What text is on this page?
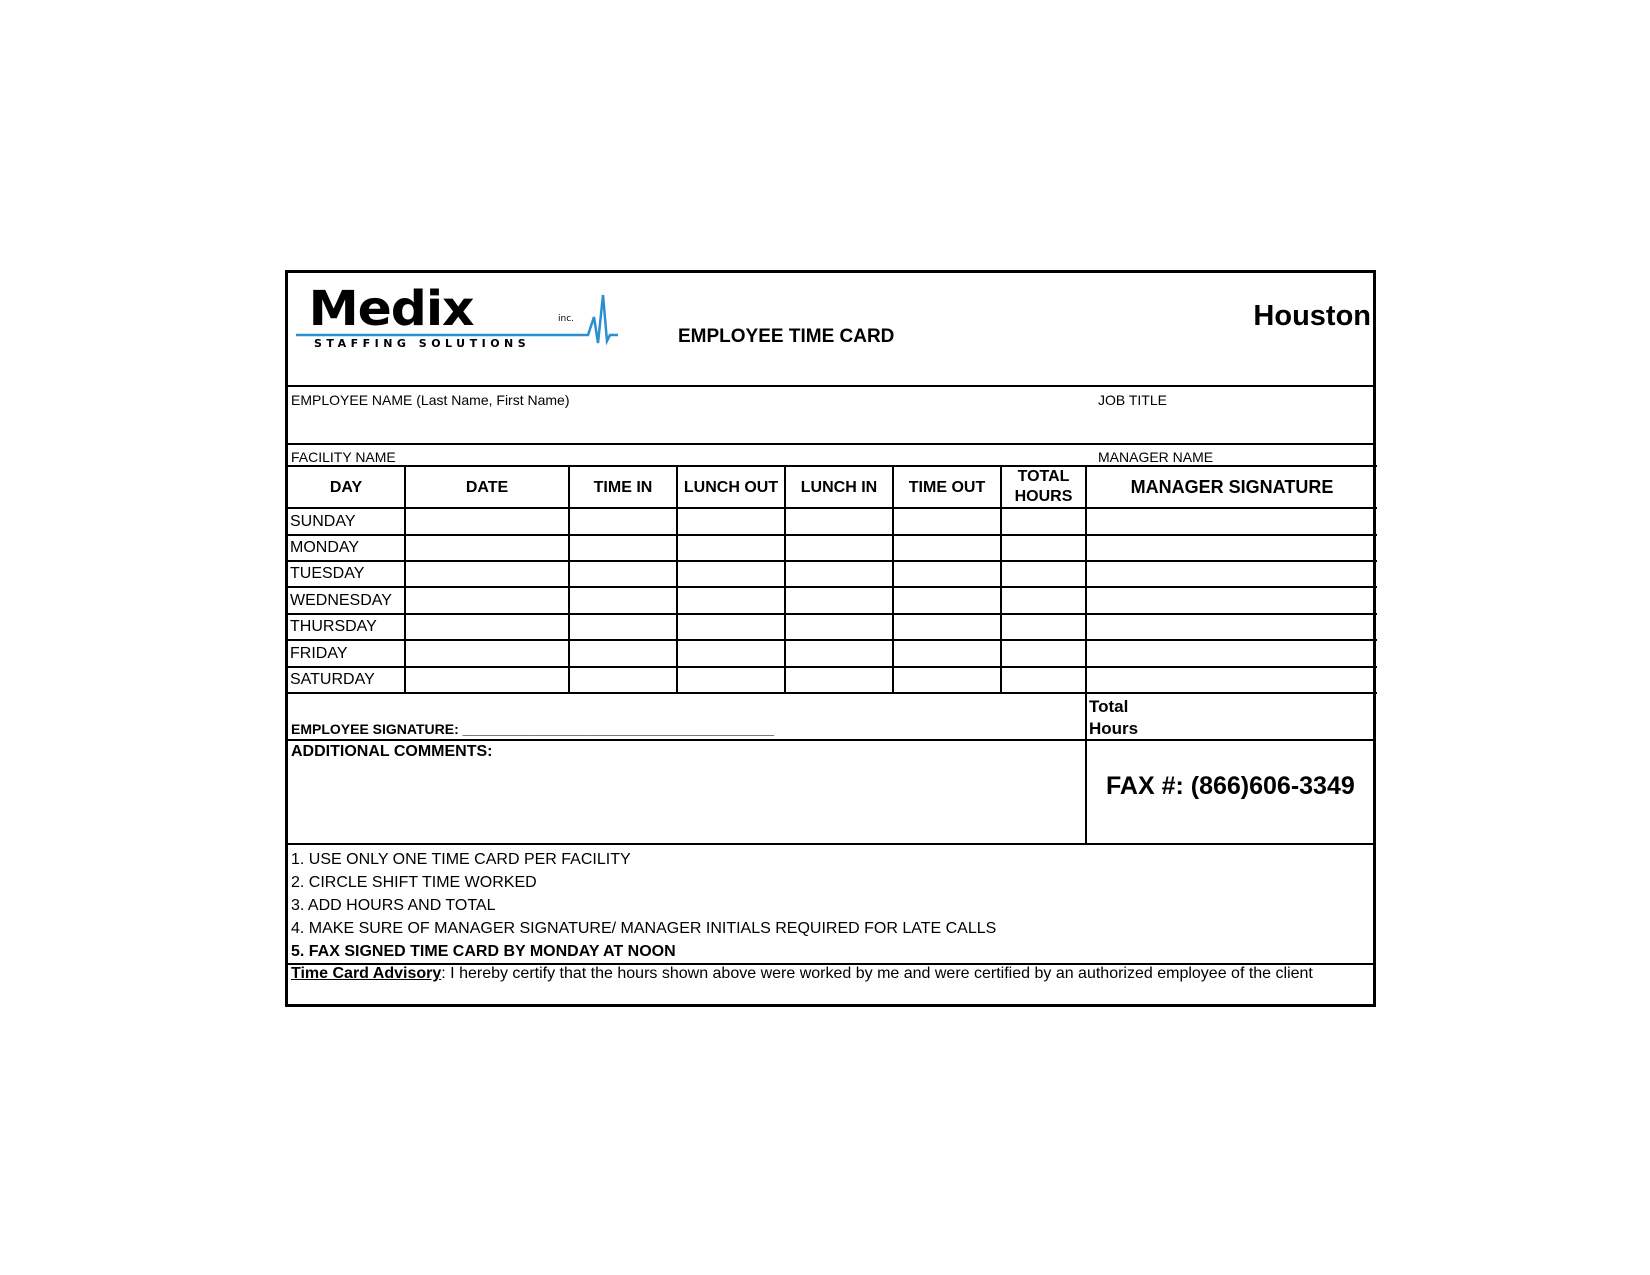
Medix	inc.
STAFFING SOLUTIONS	EMPLOYEE TIME CARD
Houston
EMPLOYEE NAME (Last Name, First Name)	JOB TITLE
FACILITY NAME	MANAGER NAME
DAY	DATE	TIME IN	LUNCH OUT	LUNCH IN	TIME OUT	TOTAL HOURS	MANAGER SIGNATURE
SUNDAY							
MONDAY							
TUESDAY							
WEDNESDAY							
THURSDAY							
FRIDAY							
SATURDAY							
EMPLOYEE SIGNATURE: ________________________________________
Total
Hours
ADDITIONAL COMMENTS:
FAX #: (866)606-3349
1. USE ONLY ONE TIME CARD PER FACILITY
2. CIRCLE SHIFT TIME WORKED
3. ADD HOURS AND TOTAL
4. MAKE SURE OF MANAGER SIGNATURE/ MANAGER INITIALS REQUIRED FOR LATE CALLS
5. FAX SIGNED TIME CARD BY MONDAY AT NOON
Time Card Advisory: I hereby certify that the hours shown above were worked by me and were certified by an authorized employee of the client
